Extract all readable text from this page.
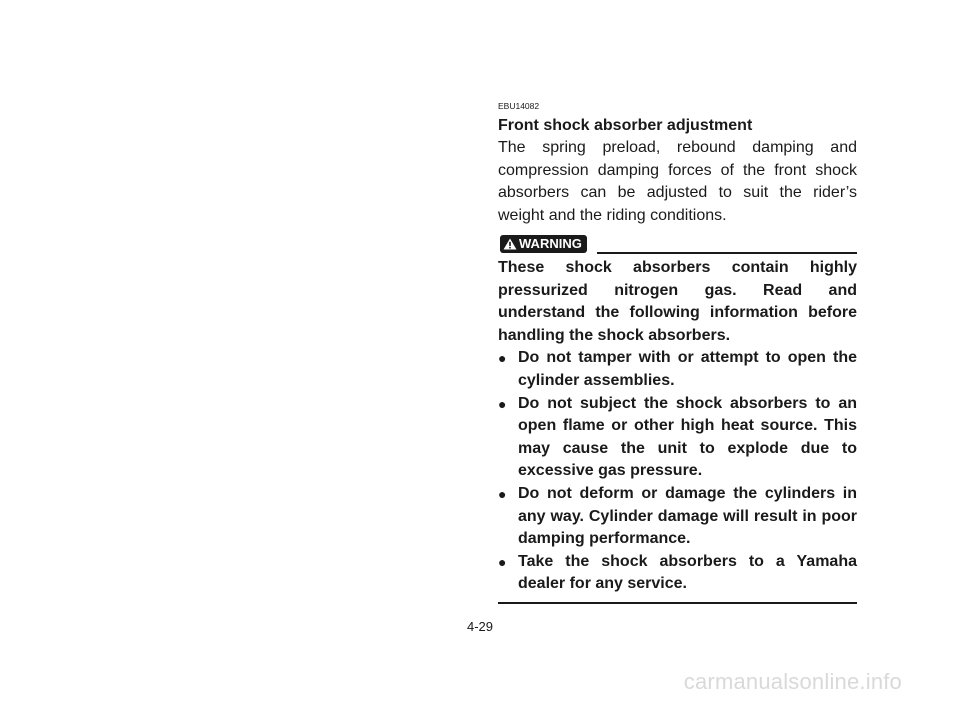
EBU14082
Front shock absorber adjustment

The spring preload, rebound damping and compression damping forces of the front shock absorbers can be adjusted to suit the rider’s weight and the riding conditions.

WARNING

These shock absorbers contain highly pressurized nitrogen gas. Read and understand the following information before handling the shock absorbers.

● Do not tamper with or attempt to open the cylinder assemblies.
● Do not subject the shock absorbers to an open flame or other high heat source. This may cause the unit to explode due to excessive gas pressure.
● Do not deform or damage the cylinders in any way. Cylinder damage will result in poor damping performance.
● Take the shock absorbers to a Yamaha dealer for any service.
4-29
carmanualsonline.info
